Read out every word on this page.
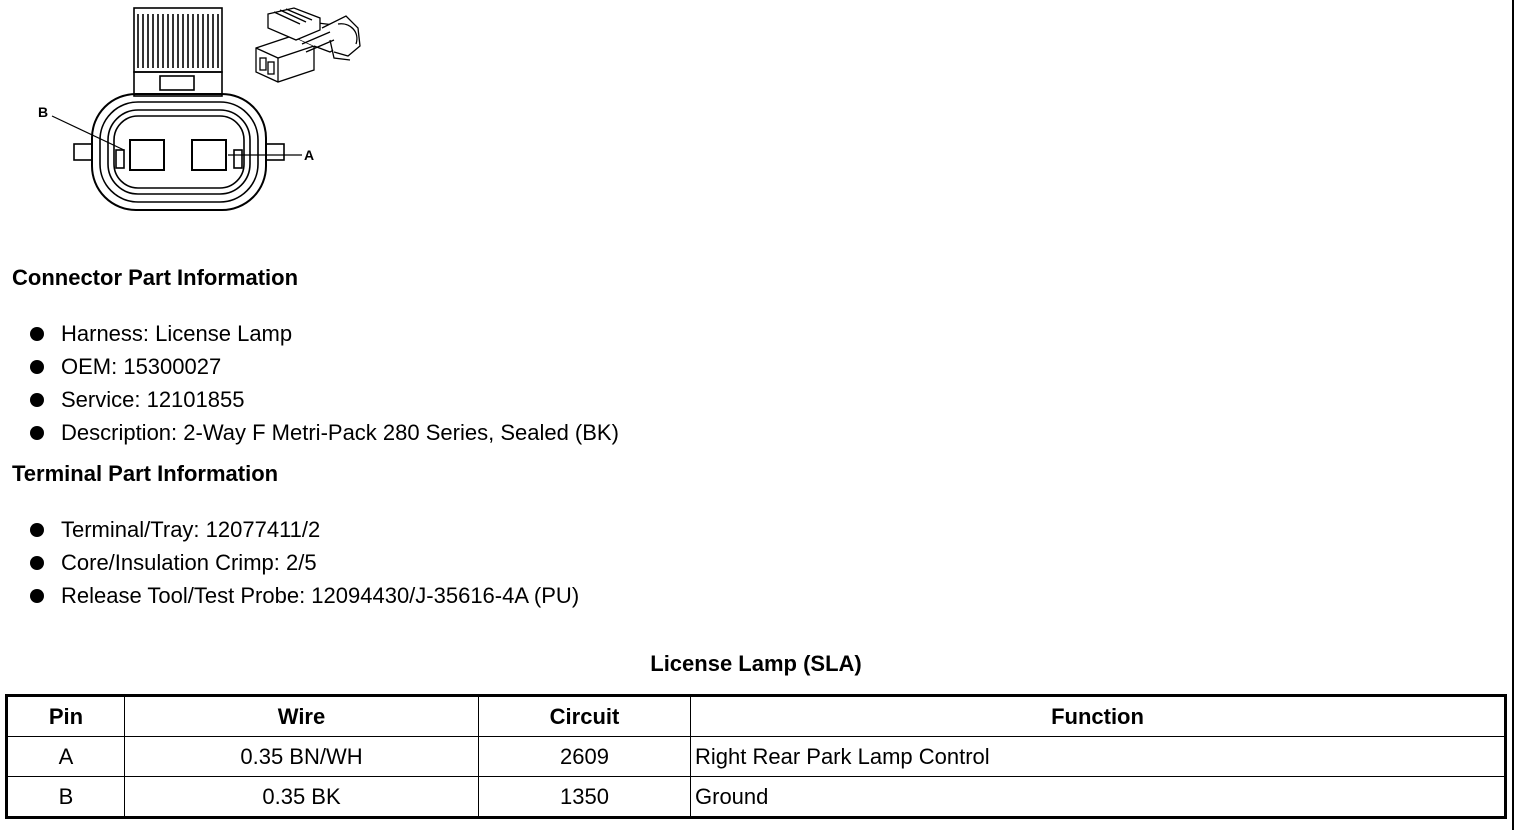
B
A
Connector Part Information
Harness: License Lamp
OEM: 15300027
Service: 12101855
Description: 2-Way F Metri-Pack 280 Series, Sealed (BK)
Terminal Part Information
Terminal/Tray: 12077411/2
Core/Insulation Crimp: 2/5
Release Tool/Test Probe: 12094430/J-35616-4A (PU)
License Lamp (SLA)
Pin	Wire	Circuit	Function
A	0.35 BN/WH	2609	Right Rear Park Lamp Control
B	0.35 BK	1350	Ground
